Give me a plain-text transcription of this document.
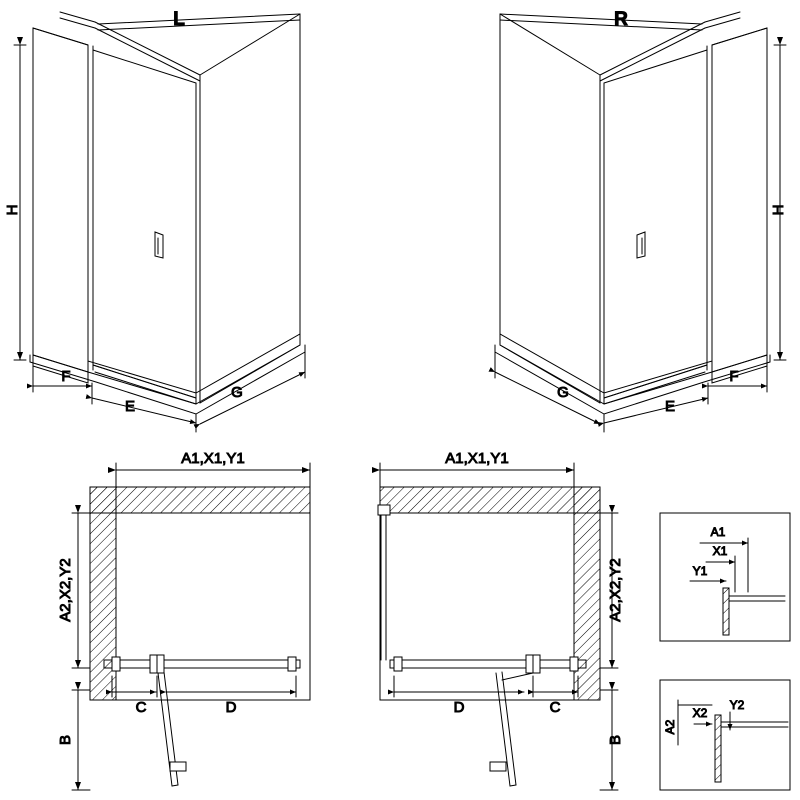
H
F
E
G
L
H
F
E
G
R
A1,X1,Y1
A2,X2,Y2
B
C	D
A1,X1,Y1
A2,X2,Y2
B
D	C
A1
X1
Y1
A2
X2
Y2
